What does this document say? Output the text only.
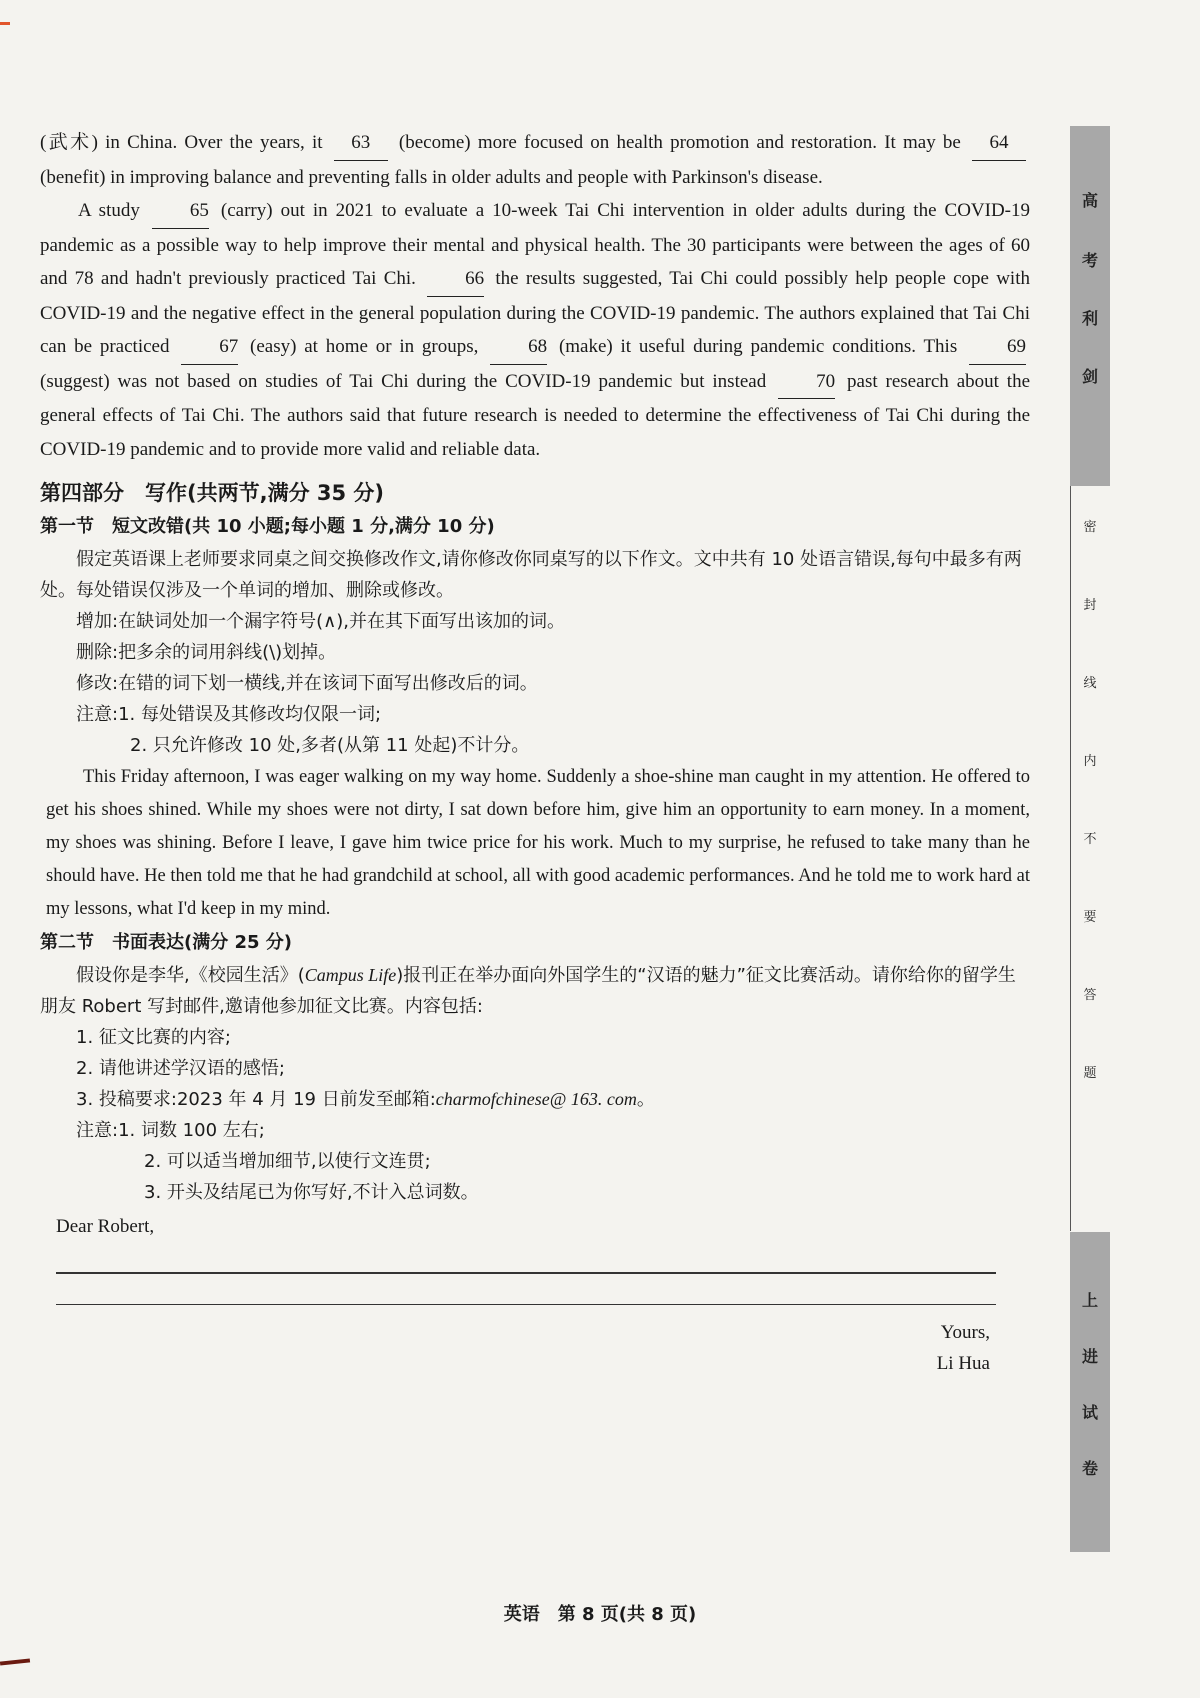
(武术) in China. Over the years, it 63 (become) more focused on health promotion and restoration. It may be 64 (benefit) in improving balance and preventing falls in older adults and people with Parkinson's disease.

A study	65 (carry) out in 2021 to evaluate a 10-week Tai Chi intervention in older adults during the COVID-19 pandemic as a possible way to help improve their mental and physical health. The 30 participants were between the ages of 60 and 78 and hadn't previously practiced Tai Chi.	66 the results suggested, Tai Chi could possibly help people cope with COVID-19 and the negative effect in the general population during the COVID-19 pandemic. The authors explained that Tai Chi can be practiced	67 (easy) at home or in groups,	68 (make) it useful during pandemic conditions. This	69 (suggest) was not based on studies of Tai Chi during the COVID-19 pandemic but instead	70 past research about the general effects of Tai Chi. The authors said that future research is needed to determine the effectiveness of Tai Chi during the COVID-19 pandemic and to provide more valid and reliable data.

第四部分　写作(共两节,满分 35 分)
第一节　短文改错(共 10 小题;每小题 1 分,满分 10 分)

假定英语课上老师要求同桌之间交换修改作文,请你修改你同桌写的以下作文。文中共有 10 处语言错误,每句中最多有两处。每处错误仅涉及一个单词的增加、删除或修改。

增加:在缺词处加一个漏字符号(∧),并在其下面写出该加的词。

删除:把多余的词用斜线(\)划掉。

修改:在错的词下划一横线,并在该词下面写出修改后的词。

注意:1. 每处错误及其修改均仅限一词;

2. 只允许修改 10 处,多者(从第 11 处起)不计分。

This Friday afternoon, I was eager walking on my way home. Suddenly a shoe-shine man caught in my attention. He offered to get his shoes shined. While my shoes were not dirty, I sat down before him, give him an opportunity to earn money. In a moment, my shoes was shining. Before I leave, I gave him twice price for his work. Much to my surprise, he refused to take many than he should have. He then told me that he had grandchild at school, all with good academic performances. And he told me to work hard at my lessons, what I'd keep in my mind.

第二节　书面表达(满分 25 分)

假设你是李华,《校园生活》(Campus Life)报刊正在举办面向外国学生的“汉语的魅力”征文比赛活动。请你给你的留学生朋友 Robert 写封邮件,邀请他参加征文比赛。内容包括:

1. 征文比赛的内容;

2. 请他讲述学汉语的感悟;

3. 投稿要求:2023 年 4 月 19 日前发至邮箱:charmofchinese@ 163. com。

注意:1. 词数 100 左右;

2. 可以适当增加细节,以使行文连贯;

3. 开头及结尾已为你写好,不计入总词数。

Dear Robert,
Yours,
Li Hua
英语　第 8 页(共 8 页)
高
考
利
剑
密
封
线
内
不
要
答
题
上
进
试
卷
